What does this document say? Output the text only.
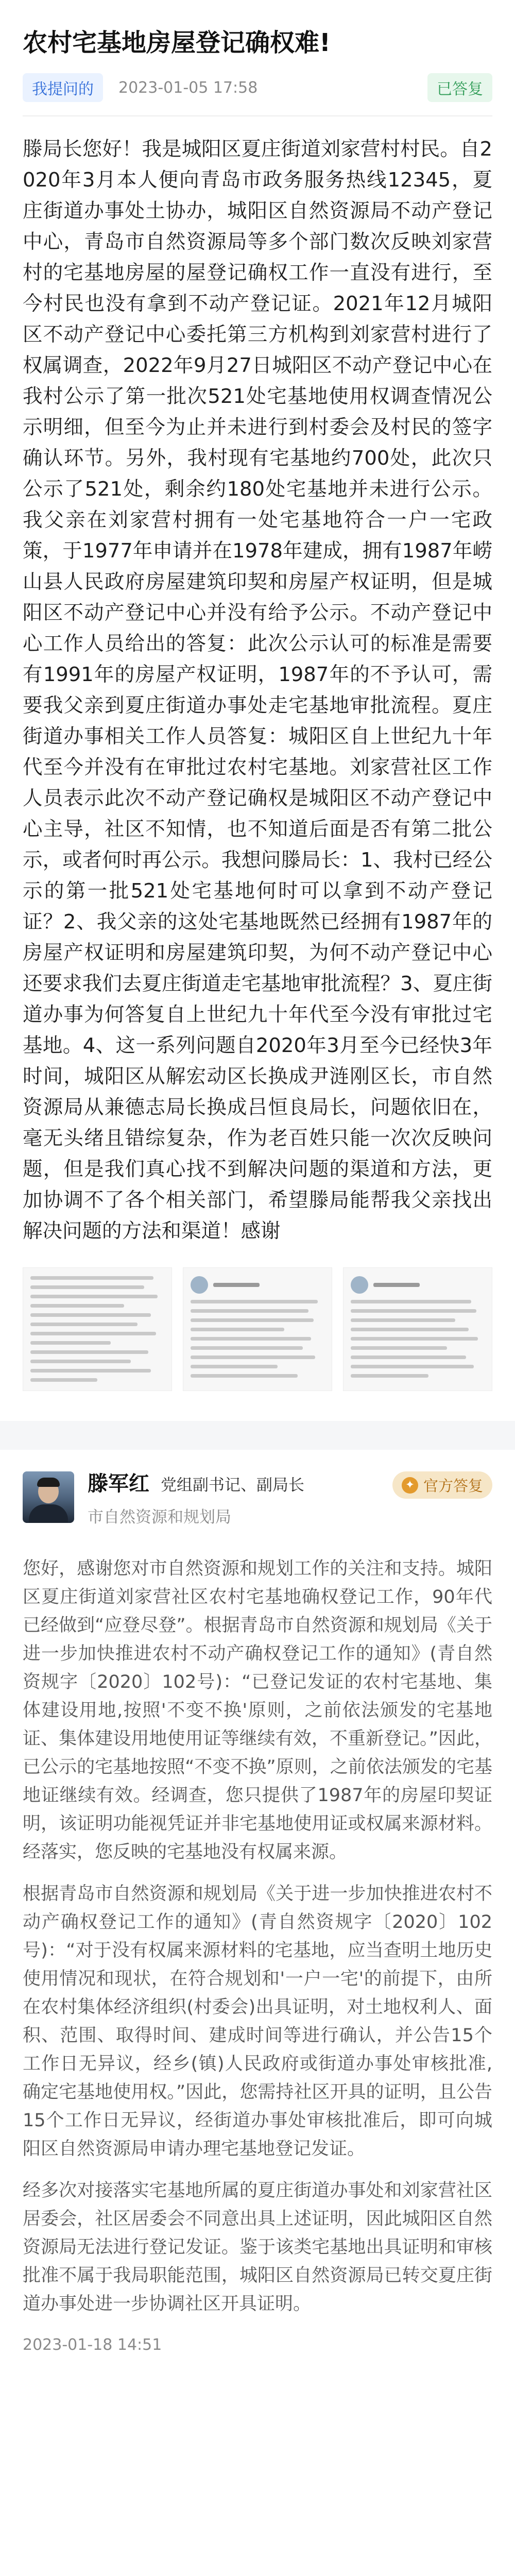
农村宅基地房屋登记确权难!
我提问的	2023-01-05 17:58	已答复

滕局长您好！我是城阳区夏庄街道刘家营村村民。自2020年3月本人便向青岛市政务服务热线12345，夏庄街道办事处土协办，城阳区自然资源局不动产登记中心，青岛市自然资源局等多个部门数次反映刘家营村的宅基地房屋的屋登记确权工作一直没有进行，至今村民也没有拿到不动产登记证。2021年12月城阳区不动产登记中心委托第三方机构到刘家营村进行了权属调查，2022年9月27日城阳区不动产登记中心在我村公示了第一批次521处宅基地使用权调查情况公示明细，但至今为止并未进行到村委会及村民的签字确认环节。另外，我村现有宅基地约700处，此次只公示了521处，剩余约180处宅基地并未进行公示。我父亲在刘家营村拥有一处宅基地符合一户一宅政策，于1977年申请并在1978年建成，拥有1987年崂山县人民政府房屋建筑印契和房屋产权证明，但是城阳区不动产登记中心并没有给予公示。不动产登记中心工作人员给出的答复：此次公示认可的标准是需要有1991年的房屋产权证明，1987年的不予认可，需要我父亲到夏庄街道办事处走宅基地审批流程。夏庄街道办事相关工作人员答复：城阳区自上世纪九十年代至今并没有在审批过农村宅基地。刘家营社区工作人员表示此次不动产登记确权是城阳区不动产登记中心主导，社区不知情，也不知道后面是否有第二批公示，或者何时再公示。我想问滕局长：1、我村已经公示的第一批521处宅基地何时可以拿到不动产登记证？2、我父亲的这处宅基地既然已经拥有1987年的房屋产权证明和房屋建筑印契，为何不动产登记中心还要求我们去夏庄街道走宅基地审批流程？3、夏庄街道办事为何答复自上世纪九十年代至今没有审批过宅基地。4、这一系列问题自2020年3月至今已经快3年时间，城阳区从解宏动区长换成尹涟刚区长，市自然资源局从兼德志局长换成吕恒良局长，问题依旧在，毫无头绪且错综复杂，作为老百姓只能一次次反映问题，但是我们真心找不到解决问题的渠道和方法，更加协调不了各个相关部门，希望滕局能帮我父亲找出解决问题的方法和渠道！感谢

滕军红 党组副书记、副局长
市自然资源和规划局
✦ 官方答复

您好，感谢您对市自然资源和规划工作的关注和支持。城阳区夏庄街道刘家营社区农村宅基地确权登记工作，90年代已经做到“应登尽登”。根据青岛市自然资源和规划局《关于进一步加快推进农村不动产确权登记工作的通知》(青自然资规字〔2020〕102号)：“已登记发证的农村宅基地、集体建设用地,按照'不变不换'原则，之前依法颁发的宅基地证、集体建设用地使用证等继续有效，不重新登记。”因此，已公示的宅基地按照“不变不换”原则，之前依法颁发的宅基地证继续有效。经调查，您只提供了1987年的房屋印契证明，该证明功能视凭证并非宅基地使用证或权属来源材料。经落实，您反映的宅基地没有权属来源。

根据青岛市自然资源和规划局《关于进一步加快推进农村不动产确权登记工作的通知》(青自然资规字〔2020〕102号)：“对于没有权属来源材料的宅基地，应当查明土地历史使用情况和现状，在符合规划和'一户一宅'的前提下，由所在农村集体经济组织(村委会)出具证明，对土地权利人、面积、范围、取得时间、建成时间等进行确认，并公告15个工作日无异议，经乡(镇)人民政府或街道办事处审核批准,确定宅基地使用权。”因此，您需持社区开具的证明，且公告15个工作日无异议，经街道办事处审核批准后，即可向城阳区自然资源局申请办理宅基地登记发证。

经多次对接落实宅基地所属的夏庄街道办事处和刘家营社区居委会，社区居委会不同意出具上述证明，因此城阳区自然资源局无法进行登记发证。鉴于该类宅基地出具证明和审核批准不属于我局职能范围，城阳区自然资源局已转交夏庄街道办事处进一步协调社区开具证明。

2023-01-18 14:51
